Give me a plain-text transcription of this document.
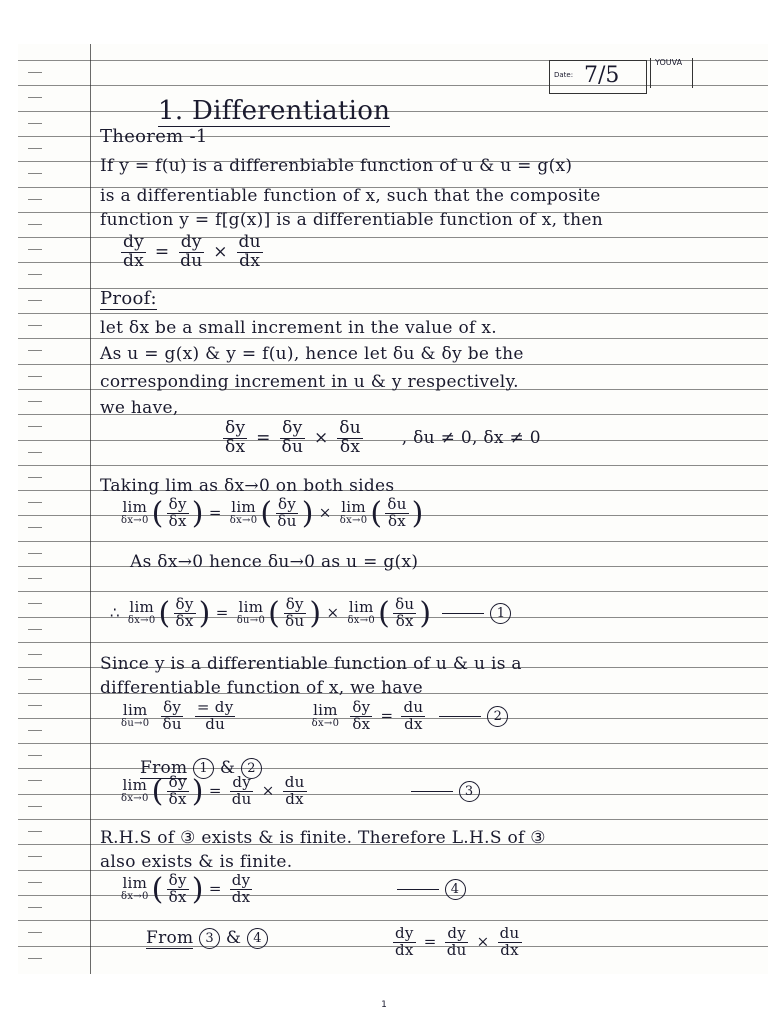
Date: 7/5
YOUVA
1. Differentiation
Theorem -1
If y = f(u) is a differenbiable function of u & u = g(x)
is a differentiable function of x, such that the composite
function y = f[g(x)] is a differentiable function of x, then
$\frac{dy}{dx} = \frac{dy}{du} \times \frac{du}{dx}$
Proof:
let δx be a small increment in the value of x.
As u = g(x) & y = f(u), hence let δu & δy be the
corresponding increment in u & y respectively.
we have,
$\frac{\delta y}{\delta x} = \frac{\delta y}{\delta u} \times \frac{\delta u}{\delta x}$ , δu ≠ 0, δx ≠ 0
Taking lim as δx→0 on both sides
lim
δx→0 ( $\frac{\delta y}{\delta x}$ ) = lim
δx→0 ( $\frac{\delta y}{\delta u}$ ) × lim
δx→0 ( $\frac{\delta u}{\delta x}$ )
As δx→0 hence δu→0 as u = g(x)
∴ lim
δx→0 ( $\frac{\delta y}{\delta x}$ ) = lim
δu→0 ( $\frac{\delta y}{\delta u}$ ) × lim
δx→0 ( $\frac{\delta u}{\delta x}$ )	1
Since y is a differentiable function of u & u is a
differentiable function of x, we have
lim
δu→0
$\frac{\delta y}{\delta u}$
$\frac{= dy}{du}$
	lim
δx→0
$\frac{\delta y}{\delta x} = \frac{du}{dx}$	2
From 1 & 2
lim
δx→0 ( $\frac{\delta y}{\delta x}$ ) = $\frac{dy}{du} \times \frac{du}{dx}$	3
R.H.S of ③ exists & is finite. Therefore L.H.S of ③
also exists & is finite.
lim
δx→0 ( $\frac{\delta y}{\delta x}$ ) = $\frac{dy}{dx}$	4
From 3 & 4	$\frac{dy}{dx} = \frac{dy}{du} \times \frac{du}{dx}$
1
